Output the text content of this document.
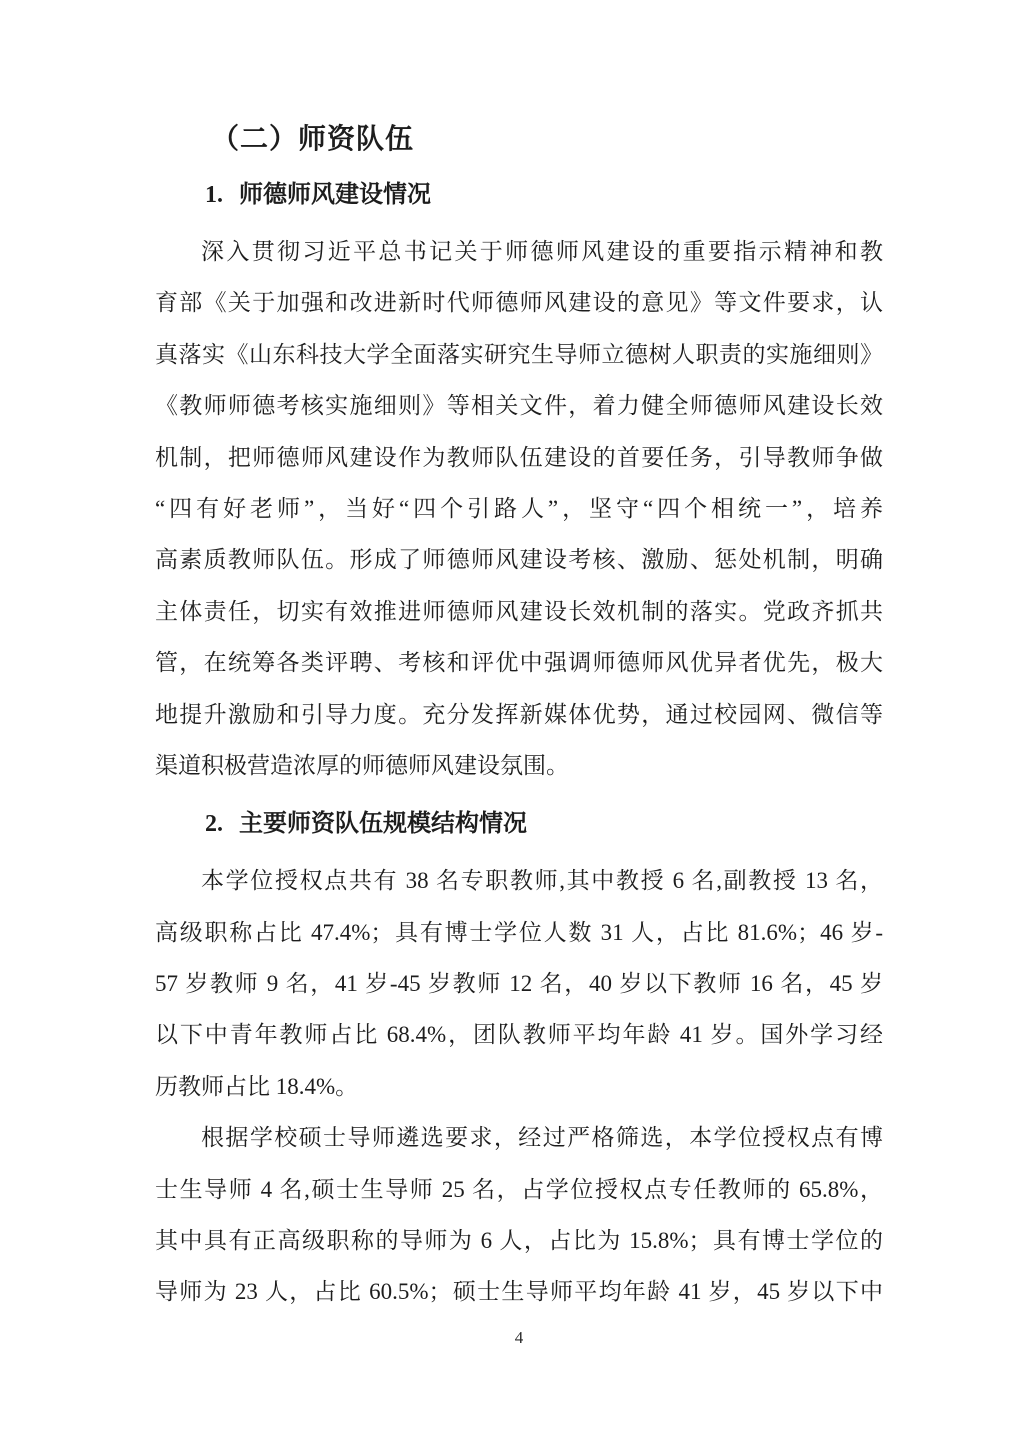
（二）师资队伍
1. 师德师风建设情况
深入贯彻习近平总书记关于师德师风建设的重要指示精神和教
育部《关于加强和改进新时代师德师风建设的意见》等文件要求，认
真落实《山东科技大学全面落实研究生导师立德树人职责的实施细则》
《教师师德考核实施细则》等相关文件，着力健全师德师风建设长效
机制，把师德师风建设作为教师队伍建设的首要任务，引导教师争做
“四有好老师”，当好“四个引路人”，坚守“四个相统一”，培养
高素质教师队伍。形成了师德师风建设考核、激励、惩处机制，明确
主体责任，切实有效推进师德师风建设长效机制的落实。党政齐抓共
管，在统筹各类评聘、考核和评优中强调师德师风优异者优先，极大
地提升激励和引导力度。充分发挥新媒体优势，通过校园网、微信等
渠道积极营造浓厚的师德师风建设氛围。
2. 主要师资队伍规模结构情况
本学位授权点共有 38 名专职教师,其中教授 6 名,副教授 13 名，
高级职称占比 47.4%；具有博士学位人数 31 人，占比 81.6%；46 岁-
57 岁教师 9 名，41 岁-45 岁教师 12 名，40 岁以下教师 16 名，45 岁
以下中青年教师占比 68.4%，团队教师平均年龄 41 岁。国外学习经
历教师占比 18.4%。
根据学校硕士导师遴选要求，经过严格筛选，本学位授权点有博
士生导师 4 名,硕士生导师 25 名，占学位授权点专任教师的 65.8%，
其中具有正高级职称的导师为 6 人，占比为 15.8%；具有博士学位的
导师为 23 人，占比 60.5%；硕士生导师平均年龄 41 岁，45 岁以下中
4
